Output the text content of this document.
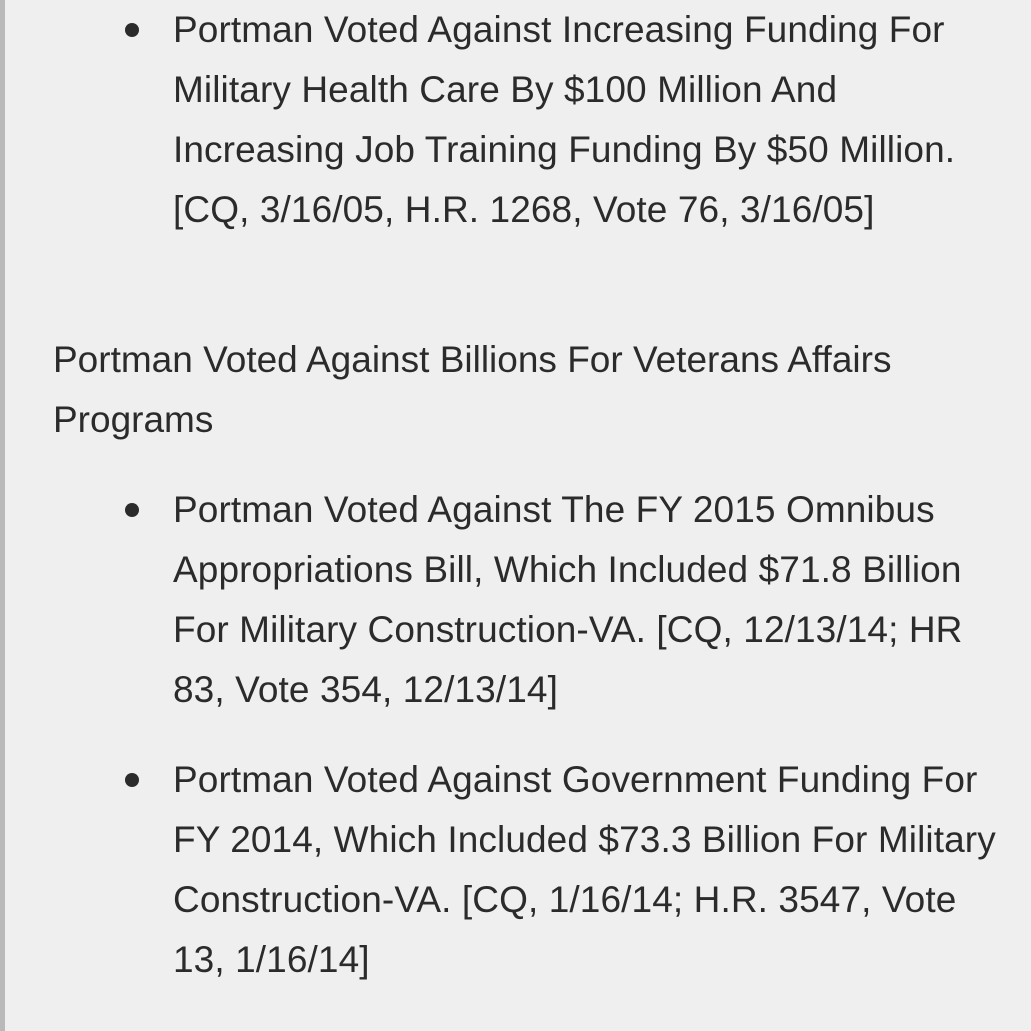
Portman Voted Against Increasing Funding For Military Health Care By $100 Million And Increasing Job Training Funding By $50 Million. [CQ, 3/16/05, H.R. 1268, Vote 76, 3/16/05]
Portman Voted Against Billions For Veterans Affairs Programs
Portman Voted Against The FY 2015 Omnibus Appropriations Bill, Which Included $71.8 Billion For Military Construction-VA. [CQ, 12/13/14; HR 83, Vote 354, 12/13/14]
Portman Voted Against Government Funding For FY 2014, Which Included $73.3 Billion For Military Construction-VA. [CQ, 1/16/14; H.R. 3547, Vote 13, 1/16/14]
